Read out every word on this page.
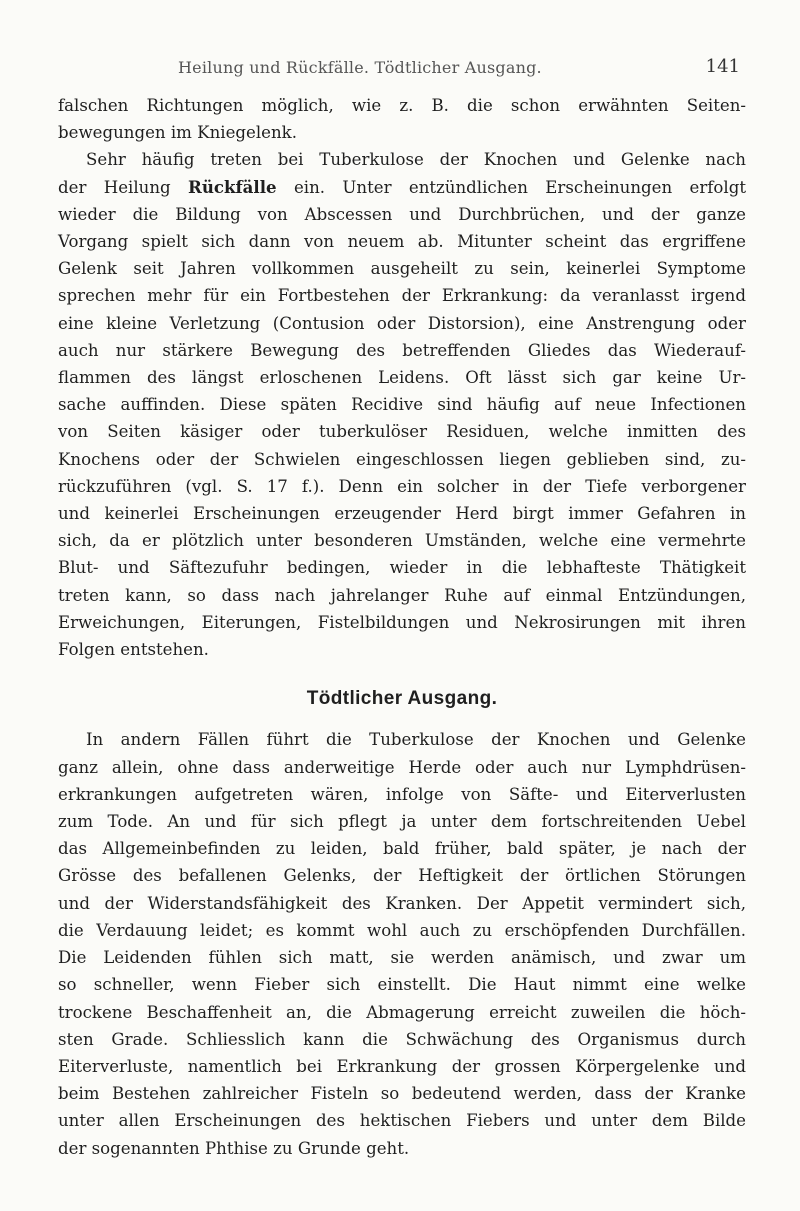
Heilung und Rückfälle. Tödtlicher Ausgang.	141
falschen Richtungen möglich, wie z. B. die schon erwähnten Seiten-
bewegungen im Kniegelenk.
Sehr häufig treten bei Tuberkulose der Knochen und Gelenke nach
der Heilung Rückfälle ein. Unter entzündlichen Erscheinungen erfolgt
wieder die Bildung von Abscessen und Durchbrüchen, und der ganze
Vorgang spielt sich dann von neuem ab. Mitunter scheint das ergriffene
Gelenk seit Jahren vollkommen ausgeheilt zu sein, keinerlei Symptome
sprechen mehr für ein Fortbestehen der Erkrankung: da veranlasst irgend
eine kleine Verletzung (Contusion oder Distorsion), eine Anstrengung oder
auch nur stärkere Bewegung des betreffenden Gliedes das Wiederauf-
flammen des längst erloschenen Leidens. Oft lässt sich gar keine Ur-
sache auffinden. Diese späten Recidive sind häufig auf neue Infectionen
von Seiten käsiger oder tuberkulöser Residuen, welche inmitten des
Knochens oder der Schwielen eingeschlossen liegen geblieben sind, zu-
rückzuführen (vgl. S. 17 f.). Denn ein solcher in der Tiefe verborgener
und keinerlei Erscheinungen erzeugender Herd birgt immer Gefahren in
sich, da er plötzlich unter besonderen Umständen, welche eine vermehrte
Blut- und Säftezufuhr bedingen, wieder in die lebhafteste Thätigkeit
treten kann, so dass nach jahrelanger Ruhe auf einmal Entzündungen,
Erweichungen, Eiterungen, Fistelbildungen und Nekrosirungen mit ihren
Folgen entstehen.
Tödtlicher Ausgang.
In andern Fällen führt die Tuberkulose der Knochen und Gelenke
ganz allein, ohne dass anderweitige Herde oder auch nur Lymphdrüsen-
erkrankungen aufgetreten wären, infolge von Säfte- und Eiterverlusten
zum Tode. An und für sich pflegt ja unter dem fortschreitenden Uebel
das Allgemeinbefinden zu leiden, bald früher, bald später, je nach der
Grösse des befallenen Gelenks, der Heftigkeit der örtlichen Störungen
und der Widerstandsfähigkeit des Kranken. Der Appetit vermindert sich,
die Verdauung leidet; es kommt wohl auch zu erschöpfenden Durchfällen.
Die Leidenden fühlen sich matt, sie werden anämisch, und zwar um
so schneller, wenn Fieber sich einstellt. Die Haut nimmt eine welke
trockene Beschaffenheit an, die Abmagerung erreicht zuweilen die höch-
sten Grade. Schliesslich kann die Schwächung des Organismus durch
Eiterverluste, namentlich bei Erkrankung der grossen Körpergelenke und
beim Bestehen zahlreicher Fisteln so bedeutend werden, dass der Kranke
unter allen Erscheinungen des hektischen Fiebers und unter dem Bilde
der sogenannten Phthise zu Grunde geht.
